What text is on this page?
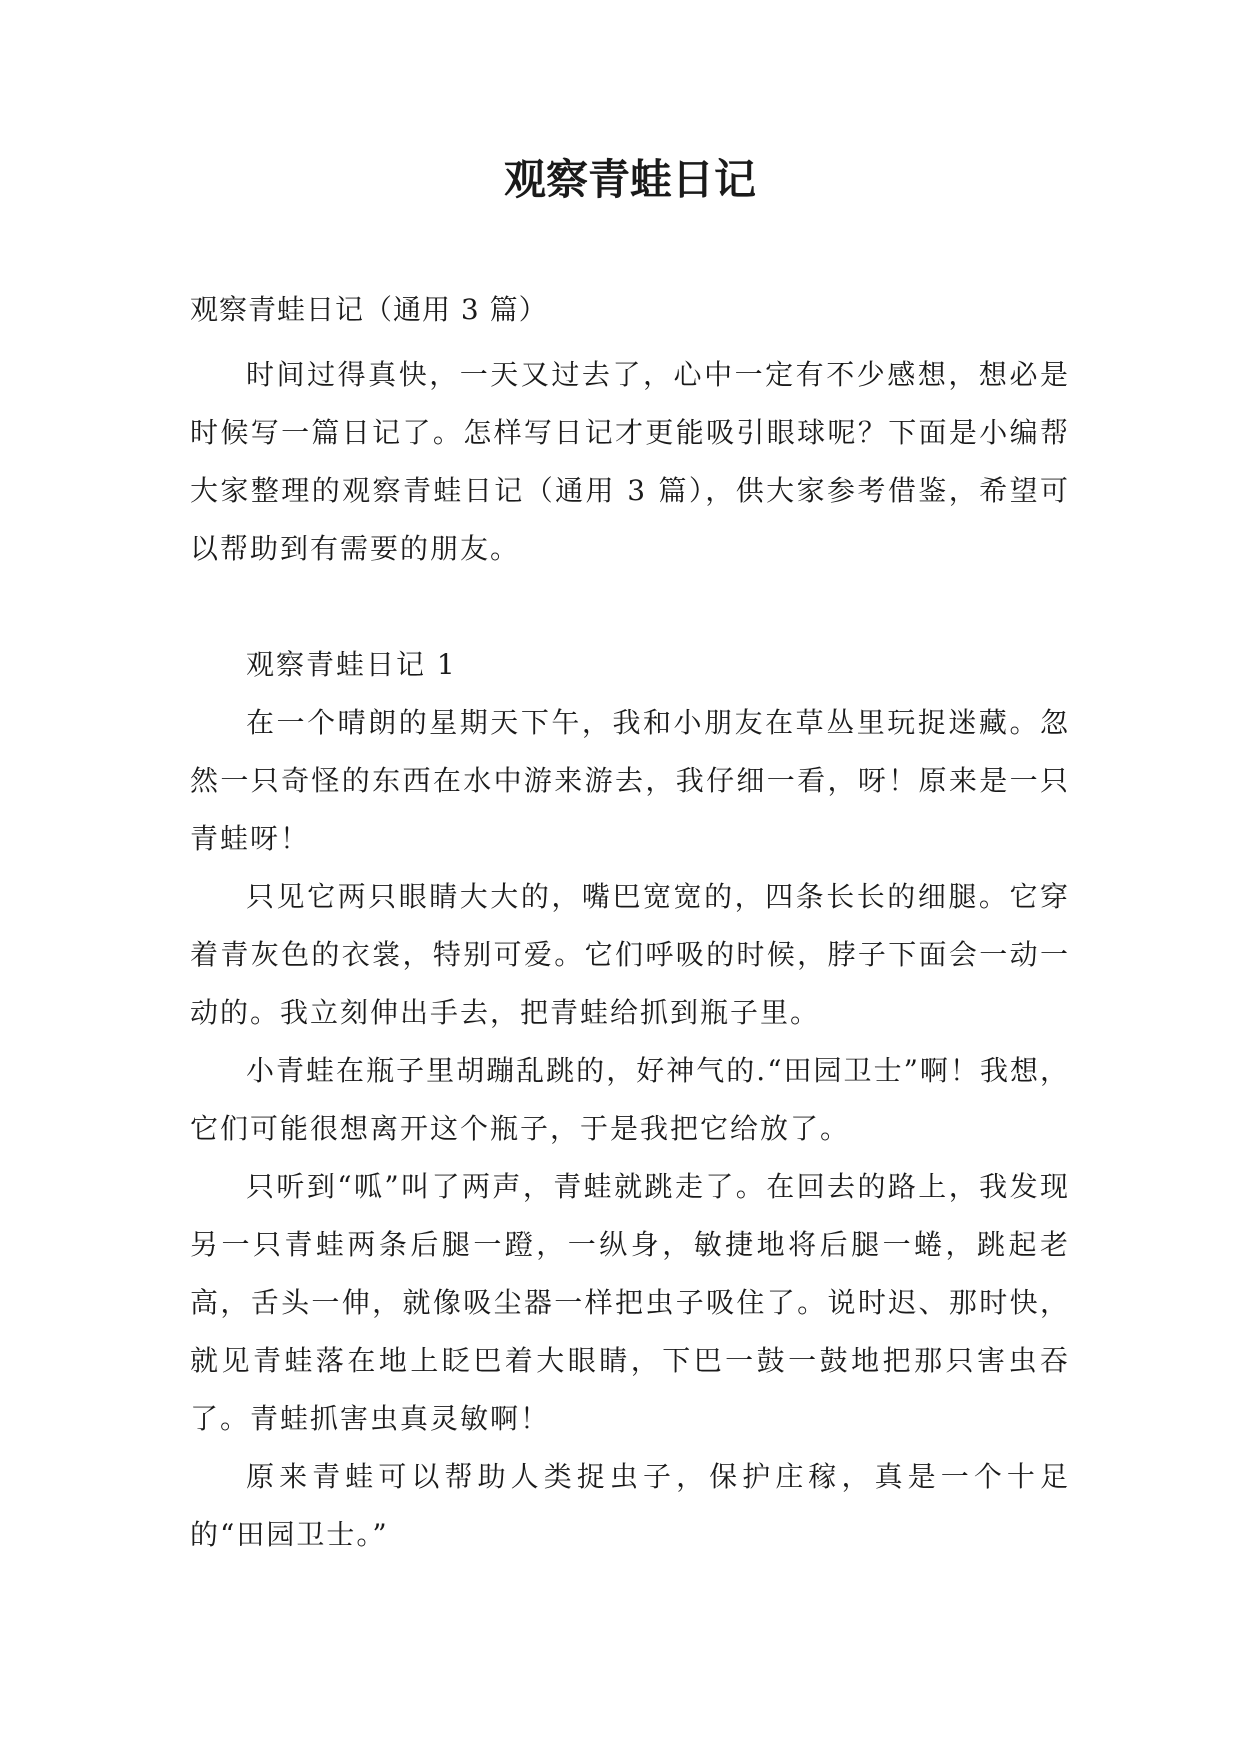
观察青蛙日记

观察青蛙日记（通用 3 篇）

时间过得真快，一天又过去了，心中一定有不少感想，想必是时候写一篇日记了。怎样写日记才更能吸引眼球呢？下面是小编帮大家整理的观察青蛙日记（通用 3 篇），供大家参考借鉴，希望可以帮助到有需要的朋友。

观察青蛙日记 1

在一个晴朗的星期天下午，我和小朋友在草丛里玩捉迷藏。忽然一只奇怪的东西在水中游来游去，我仔细一看，呀！原来是一只青蛙呀！

只见它两只眼睛大大的，嘴巴宽宽的，四条长长的细腿。它穿着青灰色的衣裳，特别可爱。它们呼吸的时候，脖子下面会一动一动的。我立刻伸出手去，把青蛙给抓到瓶子里。

小青蛙在瓶子里胡蹦乱跳的，好神气的.“田园卫士”啊！我想，它们可能很想离开这个瓶子，于是我把它给放了。

只听到“呱”叫了两声，青蛙就跳走了。在回去的路上，我发现另一只青蛙两条后腿一蹬，一纵身，敏捷地将后腿一蜷，跳起老高，舌头一伸，就像吸尘器一样把虫子吸住了。说时迟、那时快，就见青蛙落在地上眨巴着大眼睛，下巴一鼓一鼓地把那只害虫吞了。青蛙抓害虫真灵敏啊！

原来青蛙可以帮助人类捉虫子，保护庄稼，真是一个十足的“田园卫士。”
